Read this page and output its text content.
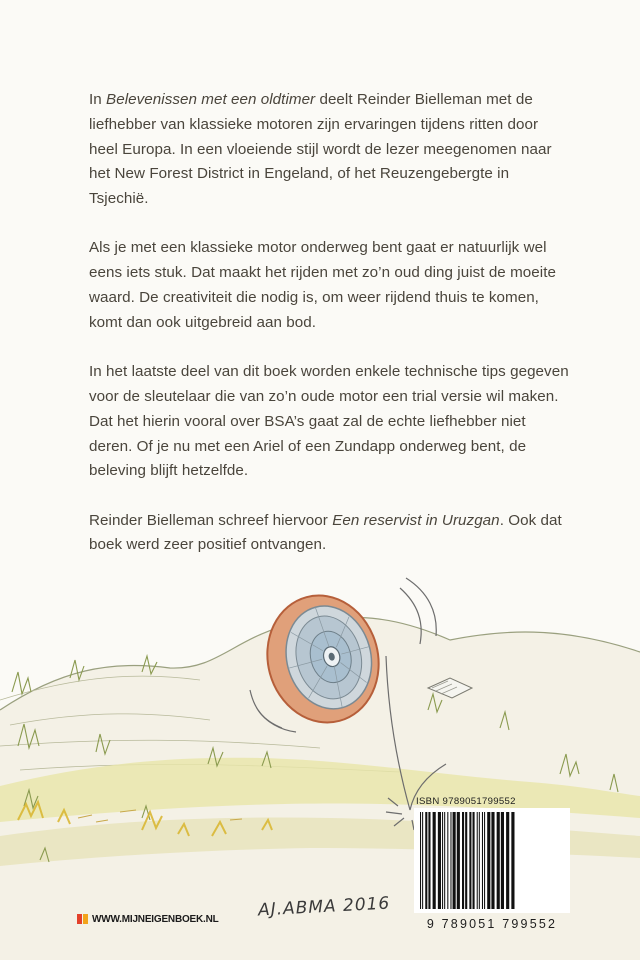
In Belevenissen met een oldtimer deelt Reinder Bielleman met de liefhebber van klassieke motoren zijn ervaringen tijdens ritten door heel Europa. In een vloeiende stijl wordt de lezer meegenomen naar het New Forest District in Engeland, of het Reuzengebergte in Tsjechië.

Als je met een klassieke motor onderweg bent gaat er natuurlijk wel eens iets stuk. Dat maakt het rijden met zo’n oud ding juist de moeite waard. De creativiteit die nodig is, om weer rijdend thuis te komen, komt dan ook uitgebreid aan bod.

In het laatste deel van dit boek worden enkele technische tips gegeven voor de sleutelaar die van zo’n oude motor een trial versie wil maken. Dat het hierin vooral over BSA’s gaat zal de echte liefhebber niet deren. Of je nu met een Ariel of een Zundapp onderweg bent, de beleving blijft hetzelfde.

Reinder Bielleman schreef hiervoor Een reservist in Uruzgan. Ook dat boek werd zeer positief ontvangen.

ISBN 9789051799552
9 789051 799552
WWW.MIJNEIGENBOEK.NL AJ.ABMA 2016
